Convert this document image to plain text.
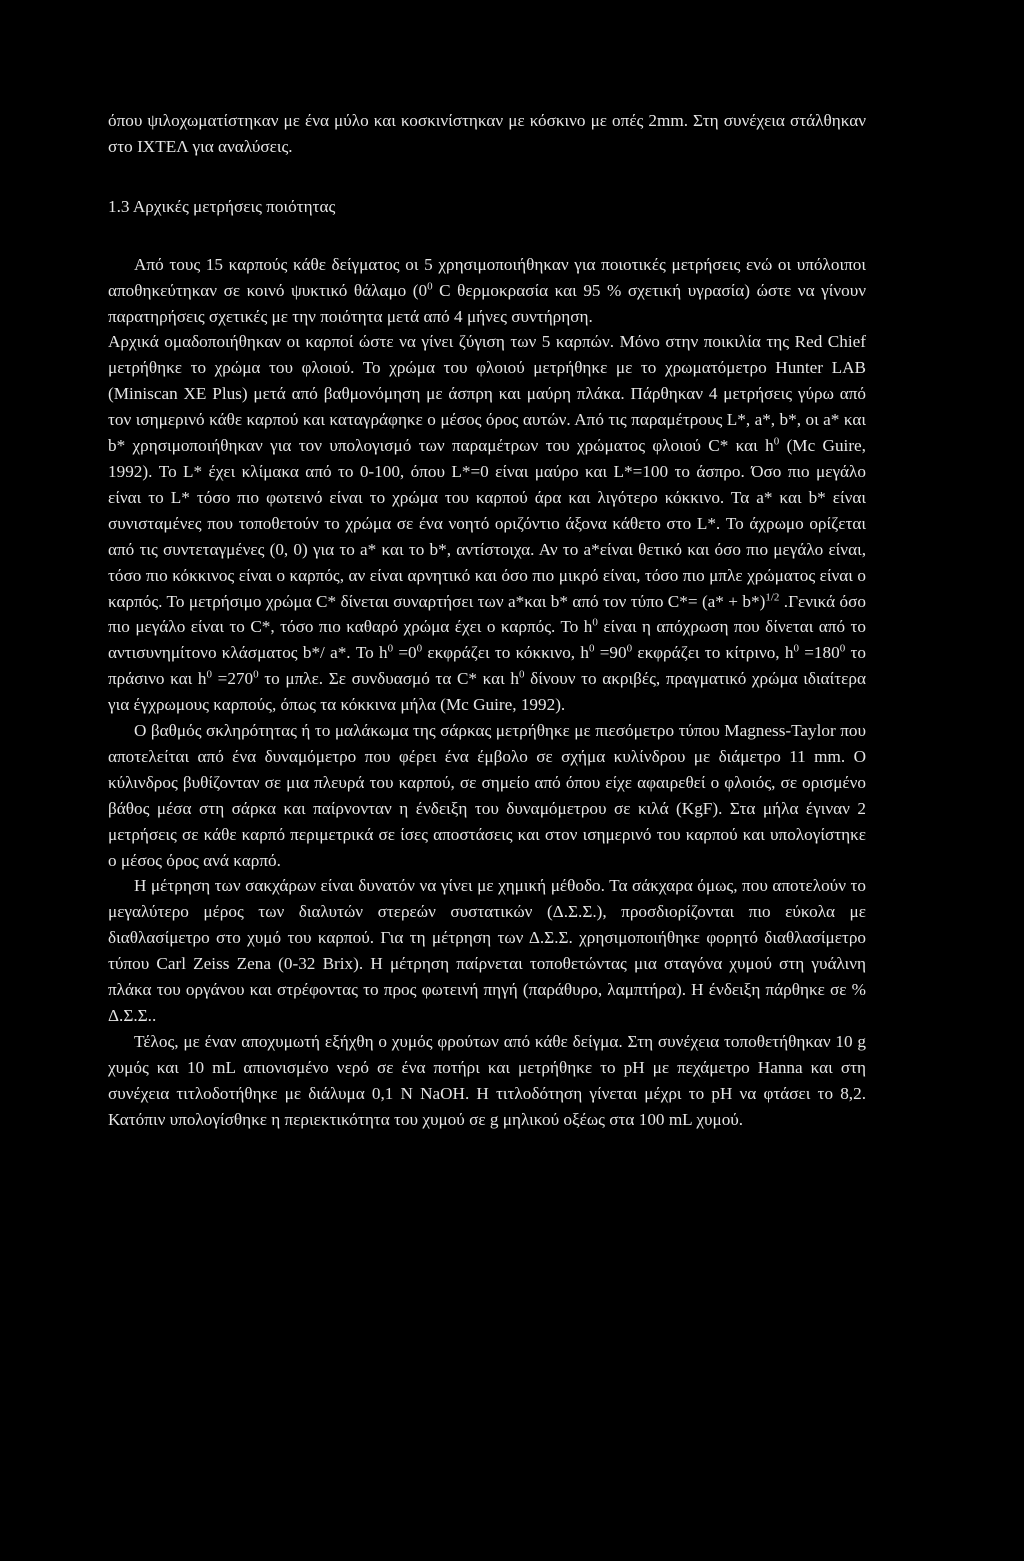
όπου ψιλοχωματίστηκαν με ένα μύλο και κοσκινίστηκαν με κόσκινο με οπές 2mm. Στη συνέχεια στάλθηκαν στο ΙΧΤΕΛ για αναλύσεις.

1.3 Αρχικές μετρήσεις ποιότητας

Από τους 15 καρπούς κάθε δείγματος οι 5 χρησιμοποιήθηκαν για ποιοτικές μετρήσεις ενώ οι υπόλοιποι αποθηκεύτηκαν σε κοινό ψυκτικό θάλαμο ($0^0$ C θερμοκρασία και 95 % σχετική υγρασία) ώστε να γίνουν παρατηρήσεις σχετικές με την ποιότητα μετά από 4 μήνες συντήρηση.

Αρχικά ομαδοποιήθηκαν οι καρποί ώστε να γίνει ζύγιση των 5 καρπών. Μόνο στην ποικιλία της Red Chief μετρήθηκε το χρώμα του φλοιού. Το χρώμα του φλοιού μετρήθηκε με το χρωματόμετρο Hunter LAB (Miniscan XE Plus) μετά από βαθμονόμηση με άσπρη και μαύρη πλάκα. Πάρθηκαν 4 μετρήσεις γύρω από τον ισημερινό κάθε καρπού και καταγράφηκε ο μέσος όρος αυτών. Από τις παραμέτρους L*, a*, b*, οι a* και b* χρησιμοποιήθηκαν για τον υπολογισμό των παραμέτρων του χρώματος φλοιού C* και $h^0$ (Mc Guire, 1992). Το L* έχει κλίμακα από το 0-100, όπου L*=0 είναι μαύρο και L*=100 το άσπρο. Όσο πιο μεγάλο είναι το L* τόσο πιο φωτεινό είναι το χρώμα του καρπού άρα και λιγότερο κόκκινο. Τα a* και b* είναι συνισταμένες που τοποθετούν το χρώμα σε ένα νοητό οριζόντιο άξονα κάθετο στο L*. Το άχρωμο ορίζεται από τις συντεταγμένες (0, 0) για το a* και το b*, αντίστοιχα. Αν το a*είναι θετικό και όσο πιο μεγάλο είναι, τόσο πιο κόκκινος είναι ο καρπός, αν είναι αρνητικό και όσο πιο μικρό είναι, τόσο πιο μπλε χρώματος είναι ο καρπός. Το μετρήσιμο χρώμα C* δίνεται συναρτήσει των a*και b* από τον τύπο $C*= (a* + b*)^{1/2}$ .Γενικά όσο πιο μεγάλο είναι το C*, τόσο πιο καθαρό χρώμα έχει ο καρπός. Το $h^0$ είναι η απόχρωση που δίνεται από το αντισυνημίτονο κλάσματος b*/ a*. Το $h^0 =0^0$ εκφράζει το κόκκινο, $h^0 =90^0$ εκφράζει το κίτρινο, $h^0 =180^0$ το πράσινο και $h^0 =270^0$ το μπλε. Σε συνδυασμό τα C* και $h^0$ δίνουν το ακριβές, πραγματικό χρώμα ιδιαίτερα για έγχρωμους καρπούς, όπως τα κόκκινα μήλα (Mc Guire, 1992).

Ο βαθμός σκληρότητας ή το μαλάκωμα της σάρκας μετρήθηκε με πιεσόμετρο τύπου Magness-Taylor που αποτελείται από ένα δυναμόμετρο που φέρει ένα έμβολο σε σχήμα κυλίνδρου με διάμετρο 11 mm. Ο κύλινδρος βυθίζονταν σε μια πλευρά του καρπού, σε σημείο από όπου είχε αφαιρεθεί ο φλοιός, σε ορισμένο βάθος μέσα στη σάρκα και παίρνονταν η ένδειξη του δυναμόμετρου σε κιλά (KgF). Στα μήλα έγιναν 2 μετρήσεις σε κάθε καρπό περιμετρικά σε ίσες αποστάσεις και στον ισημερινό του καρπού και υπολογίστηκε ο μέσος όρος ανά καρπό.

Η μέτρηση των σακχάρων είναι δυνατόν να γίνει με χημική μέθοδο. Τα σάκχαρα όμως, που αποτελούν το μεγαλύτερο μέρος των διαλυτών στερεών συστατικών (Δ.Σ.Σ.), προσδιορίζονται πιο εύκολα με διαθλασίμετρο στο χυμό του καρπού. Για τη μέτρηση των Δ.Σ.Σ. χρησιμοποιήθηκε φορητό διαθλασίμετρο τύπου Carl Zeiss Zena (0-32 Brix). Η μέτρηση παίρνεται τοποθετώντας μια σταγόνα χυμού στη γυάλινη πλάκα του οργάνου και στρέφοντας το προς φωτεινή πηγή (παράθυρο, λαμπτήρα). Η ένδειξη πάρθηκε σε % Δ.Σ.Σ..

Τέλος, με έναν αποχυμωτή εξήχθη ο χυμός φρούτων από κάθε δείγμα. Στη συνέχεια τοποθετήθηκαν 10 g χυμός και 10 mL απιονισμένο νερό σε ένα ποτήρι και μετρήθηκε το pH με πεχάμετρο Hanna και στη συνέχεια τιτλοδοτήθηκε με διάλυμα 0,1 N NaOH. Η τιτλοδότηση γίνεται μέχρι το pH να φτάσει το 8,2. Κατόπιν υπολογίσθηκε η περιεκτικότητα του χυμού σε g μηλικού οξέως στα 100 mL χυμού.
